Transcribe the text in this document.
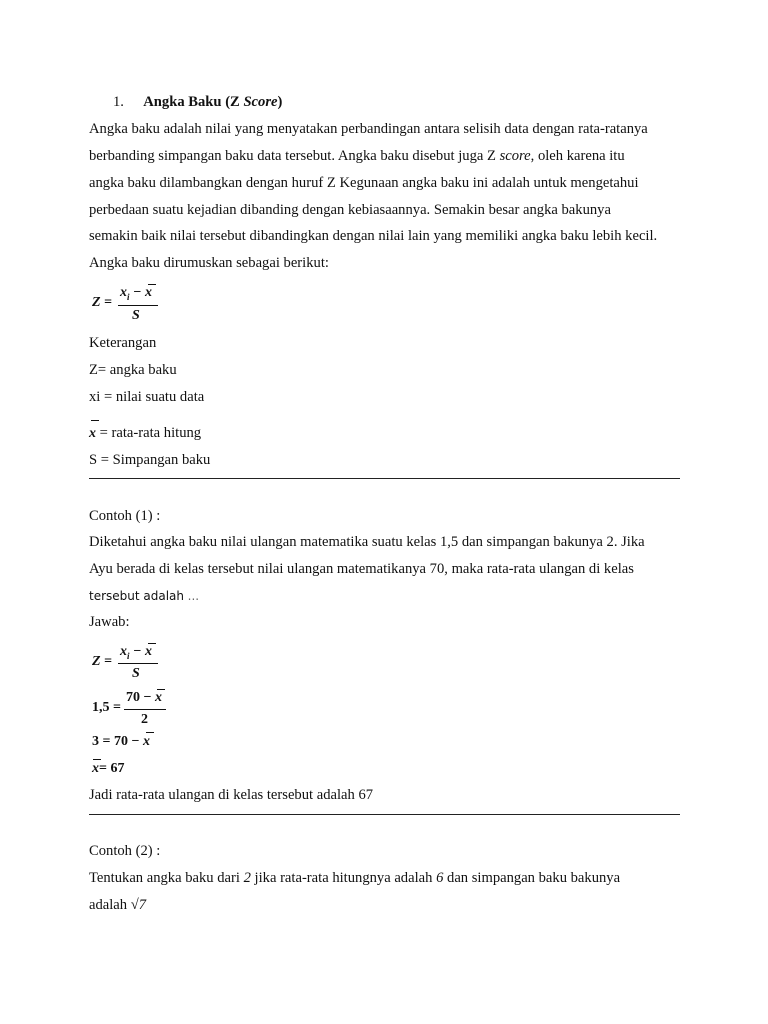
1. Angka Baku (Z Score)
Angka baku adalah nilai yang menyatakan perbandingan antara selisih data dengan rata-ratanya
berbanding simpangan baku data tersebut. Angka baku disebut juga Z score, oleh karena itu
angka baku dilambangkan dengan huruf Z Kegunaan angka baku ini adalah untuk mengetahui
perbedaan suatu kejadian dibanding dengan kebiasaannya. Semakin besar angka bakunya
semakin baik nilai tersebut dibandingkan dengan nilai lain yang memiliki angka baku lebih kecil.
Angka baku dirumuskan sebagai berikut:
Z =
$x_i - x$
S
Keterangan
Z= angka baku
xi = nilai suatu data
x = rata-rata hitung
S = Simpangan baku
Contoh (1) :
Diketahui angka baku nilai ulangan matematika suatu kelas 1,5 dan simpangan bakunya 2. Jika
Ayu berada di kelas tersebut nilai ulangan matematikanya 70, maka rata-rata ulangan di kelas
tersebut adalah ...
Jawab:
Z =
$x_i - x$
S
1,5 =
70 − x
2
3 = 70 − x
x= 67
Jadi rata-rata ulangan di kelas tersebut adalah 67
Contoh (2) :
Tentukan angka baku dari 2 jika rata-rata hitungnya adalah 6 dan simpangan baku bakunya
adalah √7
